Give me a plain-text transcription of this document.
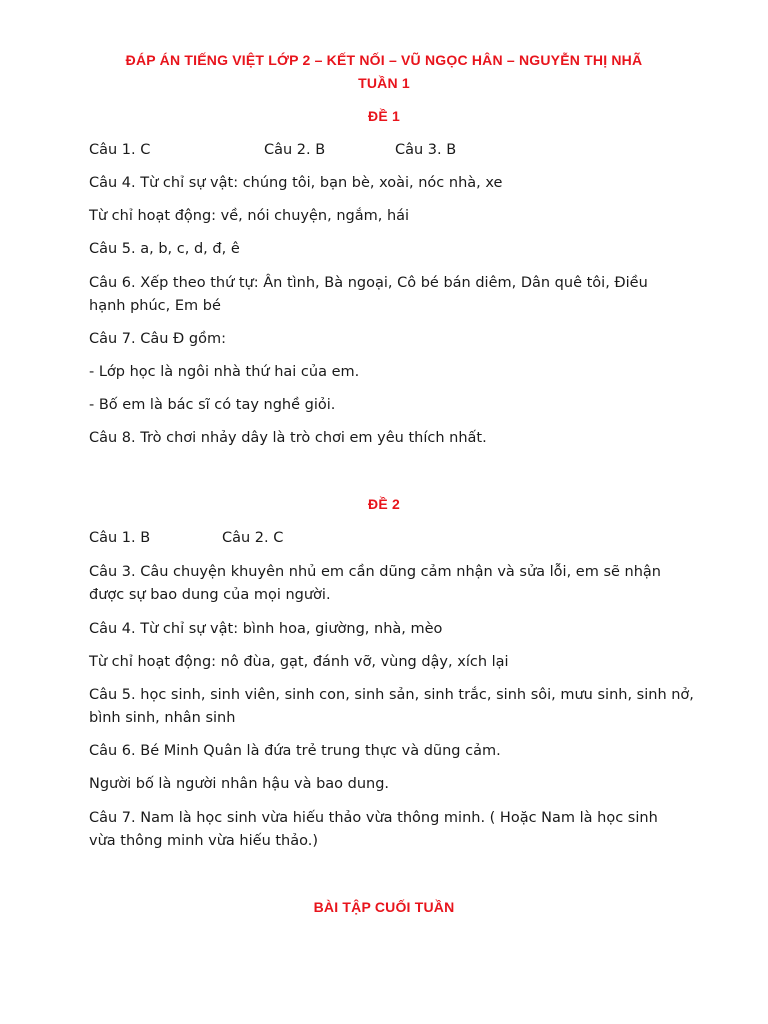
ĐÁP ÁN TIẾNG VIỆT LỚP 2 – KẾT NỐI – VŨ NGỌC HÂN – NGUYỄN THỊ NHÃ

TUẦN 1

ĐỀ 1

Câu 1. C	Câu 2. B	Câu 3. B

Câu 4. Từ chỉ sự vật: chúng tôi, bạn bè, xoài, nóc nhà, xe

Từ chỉ hoạt động: về, nói chuyện, ngắm, hái

Câu 5. a, b, c, d, đ, ê

Câu 6. Xếp theo thứ tự: Ân tình, Bà ngoại, Cô bé bán diêm, Dân quê tôi, Điều

hạnh phúc, Em bé

Câu 7. Câu Đ gồm:

- Lớp học là ngôi nhà thứ hai của em.

- Bố em là bác sĩ có tay nghề giỏi.

Câu 8. Trò chơi nhảy dây là trò chơi em yêu thích nhất.

ĐỀ 2

Câu 1. B	Câu 2. C

Câu 3. Câu chuyện khuyên nhủ em cần dũng cảm nhận và sửa lỗi, em sẽ nhận

được sự bao dung của mọi người.

Câu 4. Từ chỉ sự vật: bình hoa, giường, nhà, mèo

Từ chỉ hoạt động: nô đùa, gạt, đánh vỡ, vùng dậy, xích lại

Câu 5. học sinh, sinh viên, sinh con, sinh sản, sinh trắc, sinh sôi, mưu sinh, sinh nở,

bình sinh, nhân sinh

Câu 6. Bé Minh Quân là đứa trẻ trung thực và dũng cảm.

Người bố là người nhân hậu và bao dung.

Câu 7. Nam là học sinh vừa hiếu thảo vừa thông minh. ( Hoặc Nam là học sinh

vừa thông minh vừa hiếu thảo.)

BÀI TẬP CUỐI TUẦN
